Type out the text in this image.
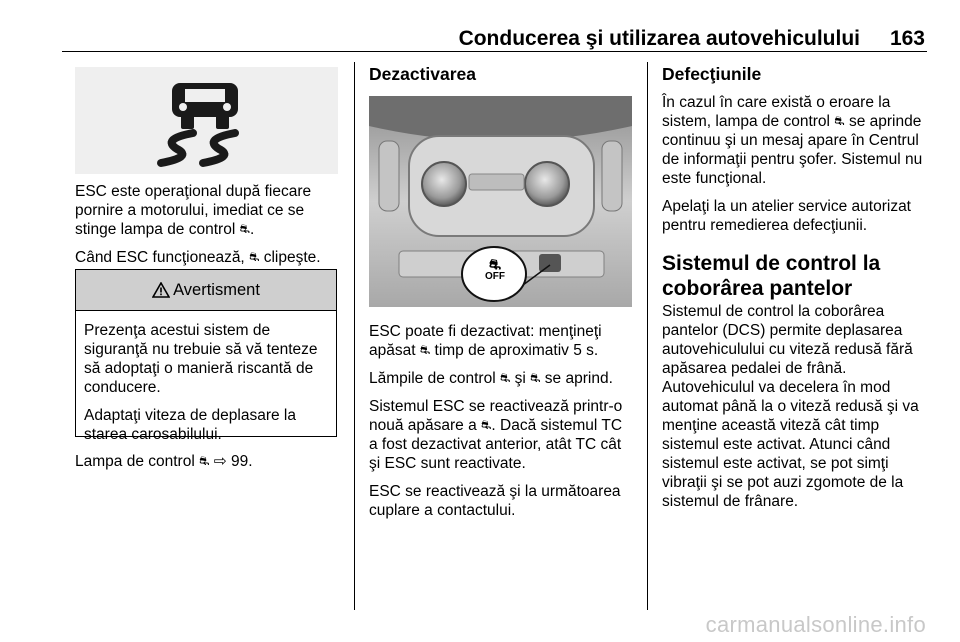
Conducerea şi utilizarea autovehiculului 163

ESC este operaţional după fiecare pornire a motorului, imediat ce se stinge lampa de control ⛐.

Când ESC funcţionează, ⛐ clipeşte.

Avertisment

Prezenţa acestui sistem de siguranţă nu trebuie să vă tenteze să adoptaţi o manieră riscantă de conducere.

Adaptaţi viteza de deplasare la starea carosabilului.

Lampa de control ⛐ ⇨ 99.

Dezactivarea
⛐
OFF

ESC poate fi dezactivat: menţineţi apăsat ⛐ timp de aproximativ 5 s.

Lămpile de control ⛐ şi ⛐ se aprind.

Sistemul ESC se reactivează printr-o nouă apăsare a ⛐. Dacă sistemul TC a fost dezactivat anterior, atât TC cât şi ESC sunt reactivate.

ESC se reactivează şi la următoarea cuplare a contactului.

Defecţiunile

În cazul în care există o eroare la sistem, lampa de control ⛐ se aprinde continuu şi un mesaj apare în Centrul de informaţii pentru şofer. Sistemul nu este funcţional.

Apelaţi la un atelier service autorizat pentru remedierea defecţiunii.

Sistemul de control la coborârea pantelor

Sistemul de control la coborârea pantelor (DCS) permite deplasarea autovehiculului cu viteză redusă fără apăsarea pedalei de frână. Autovehiculul va decelera în mod automat până la o viteză redusă şi va menţine această viteză cât timp sistemul este activat. Atunci când sistemul este activat, se pot simţi vibraţii şi se pot auzi zgomote de la sistemul de frânare.

carmanualsonline.info
